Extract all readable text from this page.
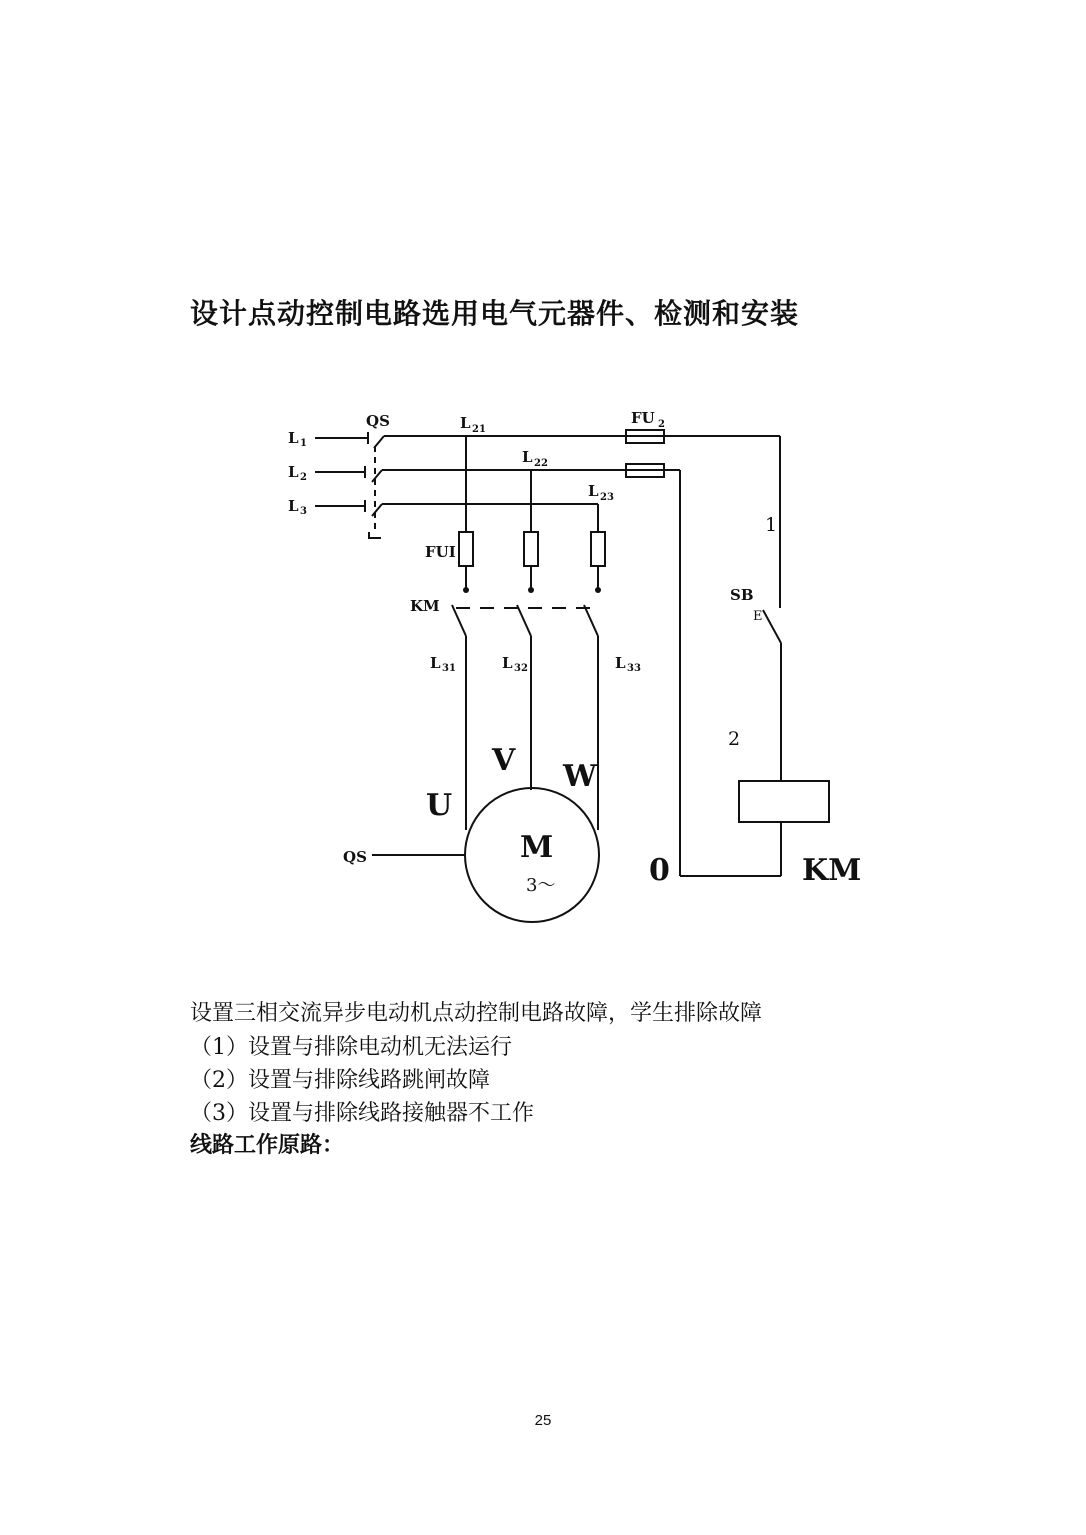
设计点动控制电路选用电气元器件、检测和安装
QS
L 1
L 2
L 3
L 21
L 22
L 23
FU 2
FUI
KM
L 31	L 32	L 33
SB
E
1
2
U
V W
M
3～
QS	0	KM
设置三相交流异步电动机点动控制电路故障，学生排除故障
（1）设置与排除电动机无法运行
（2）设置与排除线路跳闸故障
（3）设置与排除线路接触器不工作
线路工作原路：
25
